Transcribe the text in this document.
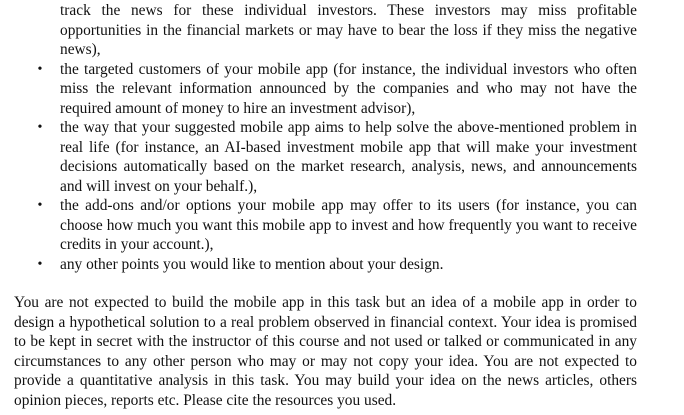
track the news for these individual investors. These investors may miss profitable opportunities in the financial markets or may have to bear the loss if they miss the negative news),
• the targeted customers of your mobile app (for instance, the individual investors who often miss the relevant information announced by the companies and who may not have the required amount of money to hire an investment advisor),
• the way that your suggested mobile app aims to help solve the above-mentioned problem in real life (for instance, an AI-based investment mobile app that will make your investment decisions automatically based on the market research, analysis, news, and announcements and will invest on your behalf.),
• the add-ons and/or options your mobile app may offer to its users (for instance, you can choose how much you want this mobile app to invest and how frequently you want to receive credits in your account.),
• any other points you would like to mention about your design.

You are not expected to build the mobile app in this task but an idea of a mobile app in order to design a hypothetical solution to a real problem observed in financial context. Your idea is promised to be kept in secret with the instructor of this course and not used or talked or communicated in any circumstances to any other person who may or may not copy your idea. You are not expected to provide a quantitative analysis in this task. You may build your idea on the news articles, others opinion pieces, reports etc. Please cite the resources you used.
